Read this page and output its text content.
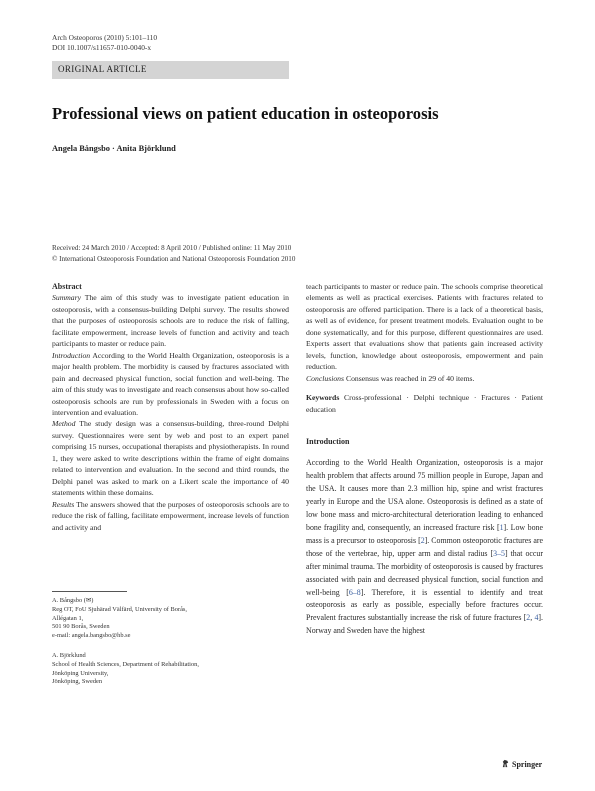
Arch Osteoporos (2010) 5:101–110
DOI 10.1007/s11657-010-0040-x
ORIGINAL ARTICLE
Professional views on patient education in osteoporosis
Angela Bångsbo · Anita Björklund
Received: 24 March 2010 / Accepted: 8 April 2010 / Published online: 11 May 2010
© International Osteoporosis Foundation and National Osteoporosis Foundation 2010

Abstract

Summary The aim of this study was to investigate patient education in osteoporosis, with a consensus-building Delphi survey. The results showed that the purposes of osteoporosis schools are to reduce the risk of falling, facilitate empowerment, increase levels of function and activity and teach participants to master or reduce pain.

Introduction According to the World Health Organization, osteoporosis is a major health problem. The morbidity is caused by fractures associated with pain and decreased physical function, social function and well-being. The aim of this study was to investigate and reach consensus about how so-called osteoporosis schools are run by professionals in Sweden with a focus on intervention and evaluation.

Method The study design was a consensus-building, three-round Delphi survey. Questionnaires were sent by web and post to an expert panel comprising 15 nurses, occupational therapists and physiotherapists. In round 1, they were asked to write descriptions within the frame of eight domains related to intervention and evaluation. In the second and third rounds, the Delphi panel was asked to mark on a Likert scale the importance of 40 statements within these domains.

Results The answers showed that the purposes of osteoporosis schools are to reduce the risk of falling, facilitate empowerment, increase levels of function and activity and

A. Bångsbo (✉)
Reg OT, FoU Sjuhärad Välfärd, University of Borås,
Allégatan 1,
501 90 Borås, Sweden
e-mail: angela.bangsbo@hb.se
A. Björklund
School of Health Sciences, Department of Rehabilitation,
Jönköping University,
Jönköping, Sweden

teach participants to master or reduce pain. The schools comprise theoretical elements as well as practical exercises. Patients with fractures related to osteoporosis are offered participation. There is a lack of a theoretical basis, as well as of evidence, for present treatment models. Evaluation ought to be done systematically, and for this purpose, different questionnaires are used. Experts assert that evaluations show that patients gain increased activity levels, function, knowledge about osteoporosis, empowerment and pain reduction.

Conclusions Consensus was reached in 29 of 40 items.

Keywords Cross-professional · Delphi technique · Fractures · Patient education

Introduction

According to the World Health Organization, osteoporosis is a major health problem that affects around 75 million people in Europe, Japan and the USA. It causes more than 2.3 million hip, spine and wrist fractures yearly in Europe and the USA alone. Osteoporosis is defined as a state of low bone mass and micro-architectural deterioration leading to enhanced bone fragility and, consequently, an increased fracture risk [1]. Low bone mass is a precursor to osteoporosis [2]. Common osteoporotic fractures are those of the vertebrae, hip, upper arm and distal radius [3–5] that occur after minimal trauma. The morbidity of osteoporosis is caused by fractures associated with pain and decreased physical function, social function and well-being [6–8]. Therefore, it is essential to identify and treat osteoporosis as early as possible, especially before fractures occur. Prevalent fractures substantially increase the risk of future fractures [2, 4]. Norway and Sweden have the highest

Springer
